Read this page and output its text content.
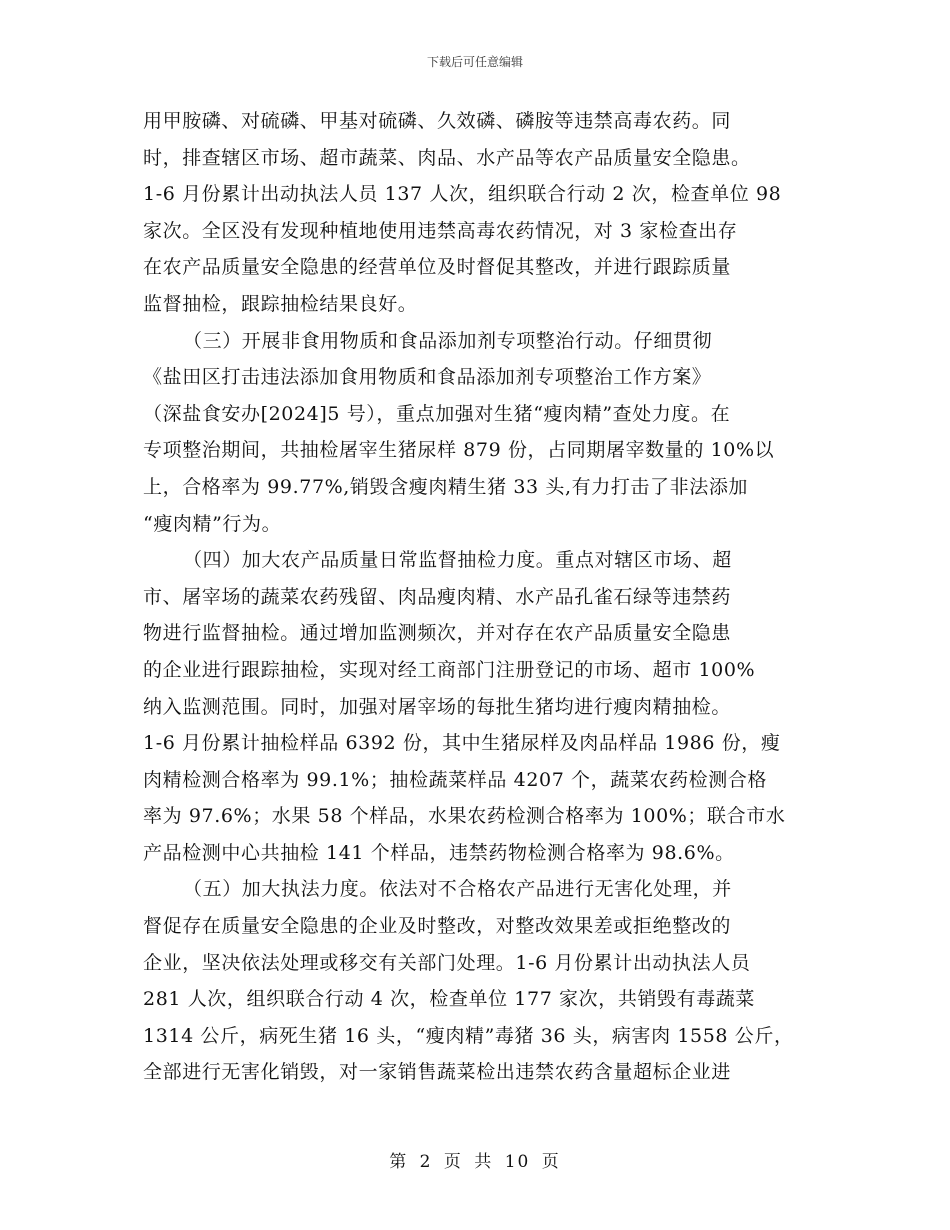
下载后可任意编辑
用甲胺磷、对硫磷、甲基对硫磷、久效磷、磷胺等违禁高毒农药。同
时，排查辖区市场、超市蔬菜、肉品、水产品等农产品质量安全隐患。
1-6 月份累计出动执法人员 137 人次，组织联合行动 2 次，检查单位 98
家次。全区没有发现种植地使用违禁高毒农药情况，对 3 家检查出存
在农产品质量安全隐患的经营单位及时督促其整改，并进行跟踪质量
监督抽检，跟踪抽检结果良好。
（三）开展非食用物质和食品添加剂专项整治行动。仔细贯彻
《盐田区打击违法添加食用物质和食品添加剂专项整治工作方案》
（深盐食安办[2024]5 号），重点加强对生猪“瘦肉精”查处力度。在
专项整治期间，共抽检屠宰生猪尿样 879 份，占同期屠宰数量的 10%以
上，合格率为 99.77%,销毁含瘦肉精生猪 33 头,有力打击了非法添加
“瘦肉精”行为。
（四）加大农产品质量日常监督抽检力度。重点对辖区市场、超
市、屠宰场的蔬菜农药残留、肉品瘦肉精、水产品孔雀石绿等违禁药
物进行监督抽检。通过增加监测频次，并对存在农产品质量安全隐患
的企业进行跟踪抽检，实现对经工商部门注册登记的市场、超市 100%
纳入监测范围。同时，加强对屠宰场的每批生猪均进行瘦肉精抽检。
1-6 月份累计抽检样品 6392 份，其中生猪尿样及肉品样品 1986 份，瘦
肉精检测合格率为 99.1%；抽检蔬菜样品 4207 个，蔬菜农药检测合格
率为 97.6%；水果 58 个样品，水果农药检测合格率为 100%；联合市水
产品检测中心共抽检 141 个样品，违禁药物检测合格率为 98.6%。
（五）加大执法力度。依法对不合格农产品进行无害化处理，并
督促存在质量安全隐患的企业及时整改，对整改效果差或拒绝整改的
企业，坚决依法处理或移交有关部门处理。1-6 月份累计出动执法人员
281 人次，组织联合行动 4 次，检查单位 177 家次，共销毁有毒蔬菜
1314 公斤，病死生猪 16 头，“瘦肉精”毒猪 36 头，病害肉 1558 公斤，
全部进行无害化销毁，对一家销售蔬菜检出违禁农药含量超标企业进
第 2 页 共 10 页
